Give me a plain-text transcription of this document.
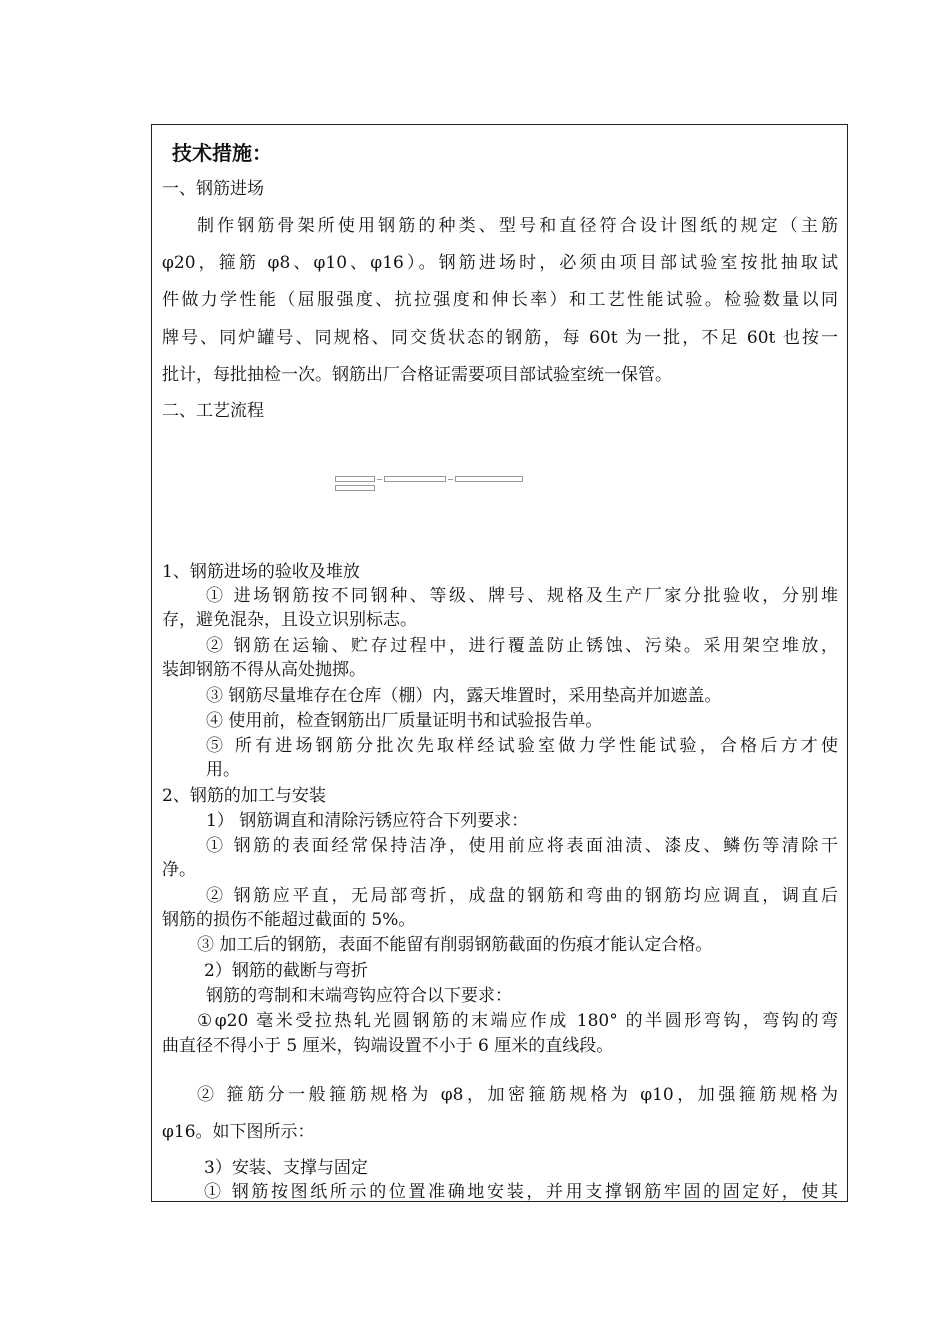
技术措施：
一、钢筋进场
制作钢筋骨架所使用钢筋的种类、型号和直径符合设计图纸的规定（主筋
φ20，箍筋 φ8、φ10、φ16）。钢筋进场时，必须由项目部试验室按批抽取试
件做力学性能（屈服强度、抗拉强度和伸长率）和工艺性能试验。检验数量以同
牌号、同炉罐号、同规格、同交货状态的钢筋，每 60t 为一批，不足 60t 也按一
批计，每批抽检一次。钢筋出厂合格证需要项目部试验室统一保管。
二、工艺流程
1、钢筋进场的验收及堆放
① 进场钢筋按不同钢种、等级、牌号、规格及生产厂家分批验收，分别堆
存，避免混杂，且设立识别标志。
② 钢筋在运输、贮存过程中，进行覆盖防止锈蚀、污染。采用架空堆放，
装卸钢筋不得从高处抛掷。
③ 钢筋尽量堆存在仓库（棚）内，露天堆置时，采用垫高并加遮盖。
④ 使用前，检查钢筋出厂质量证明书和试验报告单。
⑤ 所有进场钢筋分批次先取样经试验室做力学性能试验，合格后方才使
用。
2、钢筋的加工与安装
1） 钢筋调直和清除污锈应符合下列要求：
① 钢筋的表面经常保持洁净，使用前应将表面油渍、漆皮、鳞伤等清除干
净。
② 钢筋应平直，无局部弯折，成盘的钢筋和弯曲的钢筋均应调直，调直后
钢筋的损伤不能超过截面的 5%。
③ 加工后的钢筋，表面不能留有削弱钢筋截面的伤痕才能认定合格。
2）钢筋的截断与弯折
钢筋的弯制和末端弯钩应符合以下要求：
①φ20 毫米受拉热轧光圆钢筋的末端应作成 180° 的半圆形弯钩，弯钩的弯
曲直径不得小于 5 厘米，钩端设置不小于 6 厘米的直线段。
② 箍筋分一般箍筋规格为 φ8，加密箍筋规格为 φ10，加强箍筋规格为
φ16。如下图所示：
3）安装、支撑与固定
① 钢筋按图纸所示的位置准确地安装，并用支撑钢筋牢固的固定好，使其
